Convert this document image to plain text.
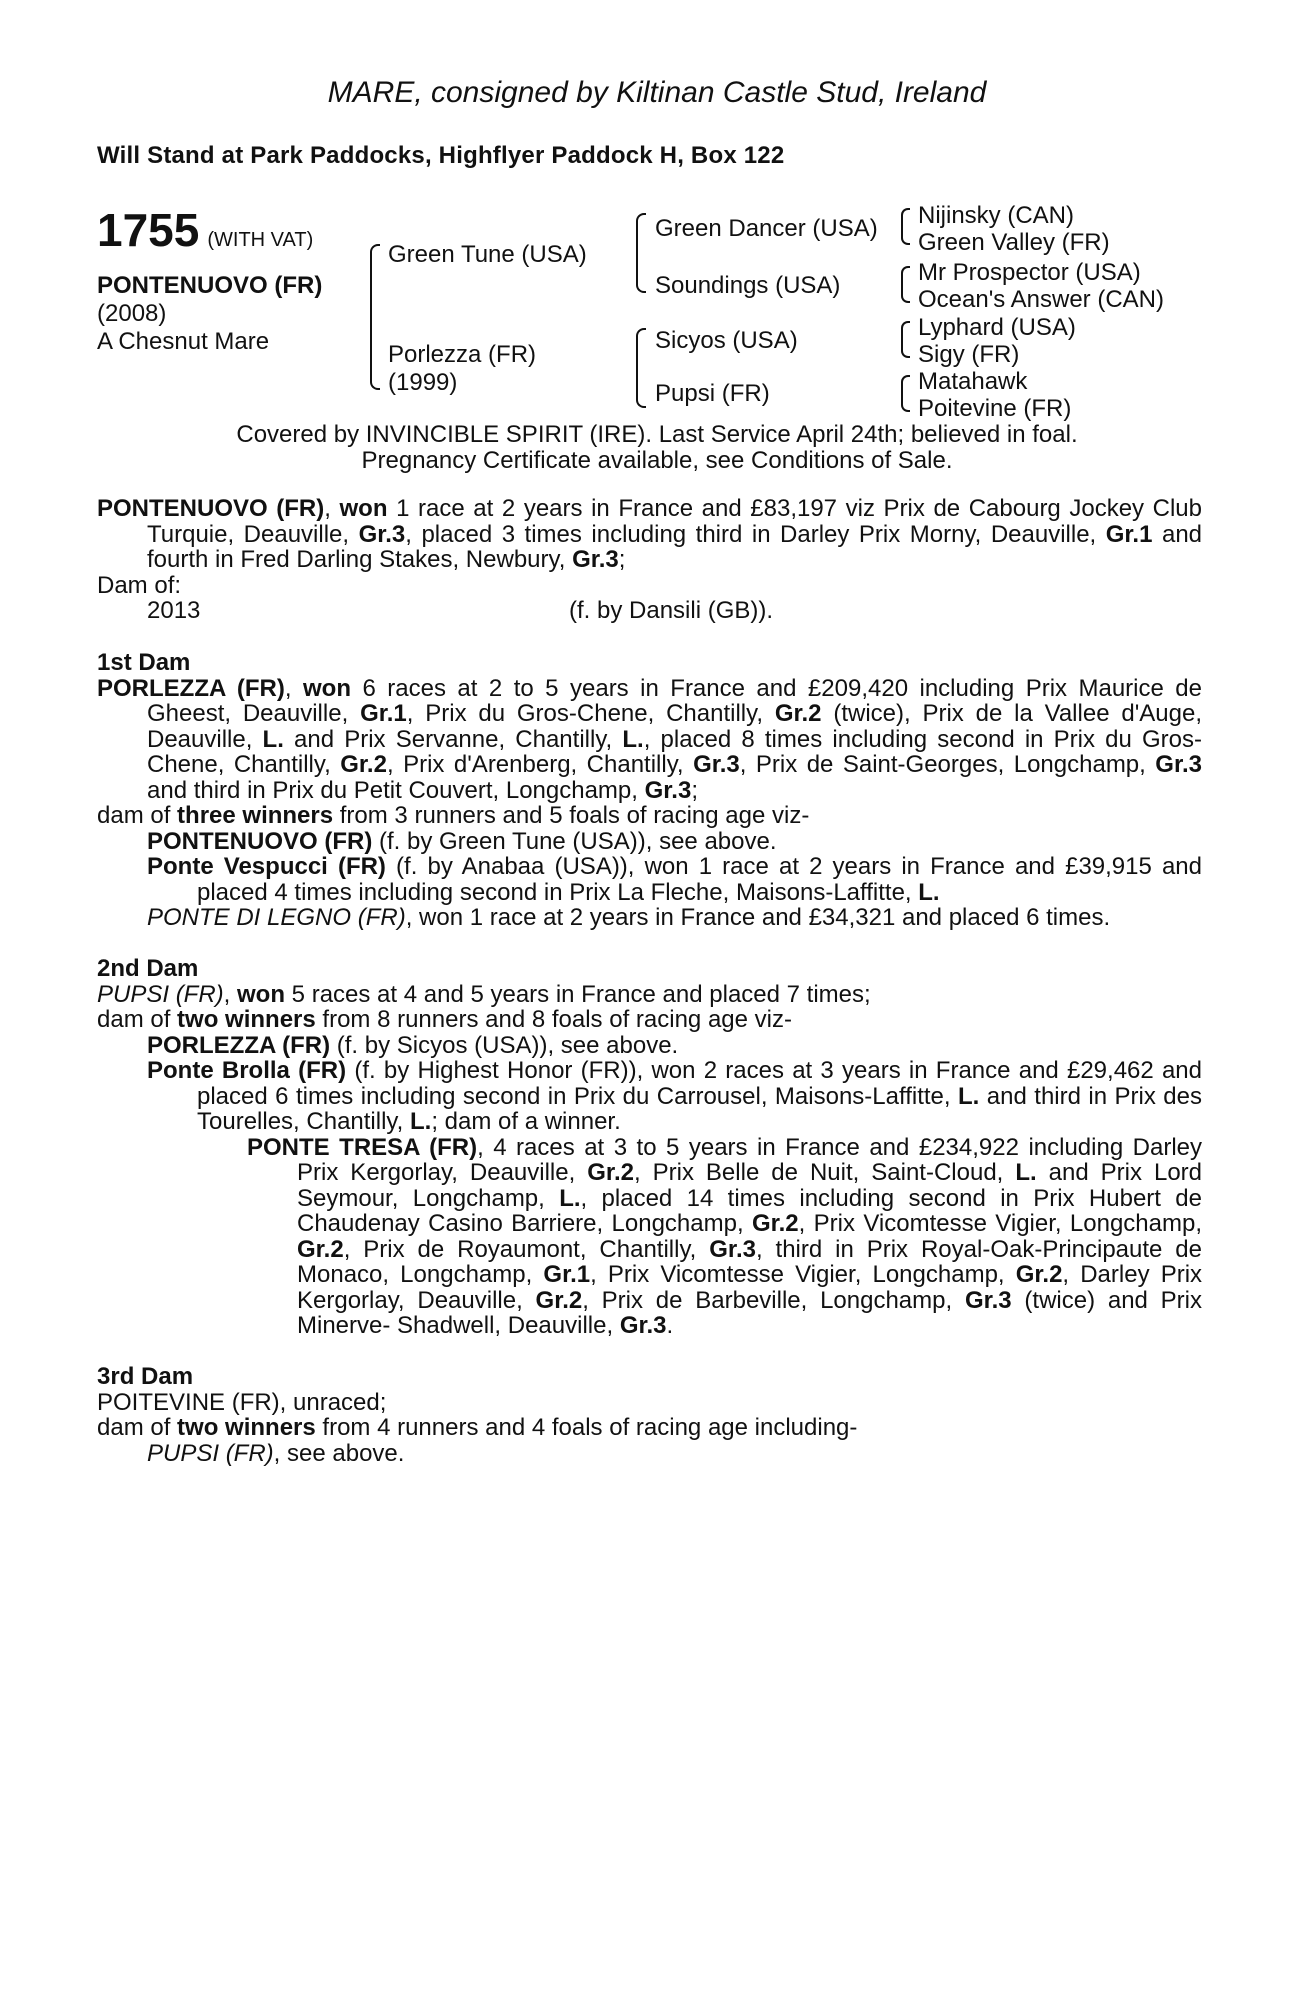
MARE, consigned by Kiltinan Castle Stud, Ireland
Will Stand at Park Paddocks, Highflyer Paddock H, Box 122
1755 (WITH VAT)
PONTENUOVO (FR)
(2008)
A Chesnut Mare
Green Tune (USA)
Porlezza (FR)
(1999)
Green Dancer (USA)
Soundings (USA)
Sicyos (USA)
Pupsi (FR)
Nijinsky (CAN)
Green Valley (FR)
Mr Prospector (USA)
Ocean's Answer (CAN)
Lyphard (USA)
Sigy (FR)
Matahawk
Poitevine (FR)
Covered by INVINCIBLE SPIRIT (IRE). Last Service April 24th; believed in foal.
Pregnancy Certificate available, see Conditions of Sale.

PONTENUOVO (FR), won 1 race at 2 years in France and £83,197 viz Prix de Cabourg Jockey Club Turquie, Deauville, Gr.3, placed 3 times including third in Darley Prix Morny, Deauville, Gr.1 and fourth in Fred Darling Stakes, Newbury, Gr.3;

Dam of:

2013	(f. by Dansili (GB)).

1st Dam

PORLEZZA (FR), won 6 races at 2 to 5 years in France and £209,420 including Prix Maurice de Gheest, Deauville, Gr.1, Prix du Gros-Chene, Chantilly, Gr.2 (twice), Prix de la Vallee d'Auge, Deauville, L. and Prix Servanne, Chantilly, L., placed 8 times including second in Prix du Gros-Chene, Chantilly, Gr.2, Prix d'Arenberg, Chantilly, Gr.3, Prix de Saint-Georges, Longchamp, Gr.3 and third in Prix du Petit Couvert, Longchamp, Gr.3;

dam of three winners from 3 runners and 5 foals of racing age viz-

PONTENUOVO (FR) (f. by Green Tune (USA)), see above.

Ponte Vespucci (FR) (f. by Anabaa (USA)), won 1 race at 2 years in France and £39,915 and placed 4 times including second in Prix La Fleche, Maisons-Laffitte, L.

PONTE DI LEGNO (FR), won 1 race at 2 years in France and £34,321 and placed 6 times.

2nd Dam

PUPSI (FR), won 5 races at 4 and 5 years in France and placed 7 times;

dam of two winners from 8 runners and 8 foals of racing age viz-

PORLEZZA (FR) (f. by Sicyos (USA)), see above.

Ponte Brolla (FR) (f. by Highest Honor (FR)), won 2 races at 3 years in France and £29,462 and placed 6 times including second in Prix du Carrousel, Maisons-Laffitte, L. and third in Prix des Tourelles, Chantilly, L.; dam of a winner.

PONTE TRESA (FR), 4 races at 3 to 5 years in France and £234,922 including Darley Prix Kergorlay, Deauville, Gr.2, Prix Belle de Nuit, Saint-Cloud, L. and Prix Lord Seymour, Longchamp, L., placed 14 times including second in Prix Hubert de Chaudenay Casino Barriere, Longchamp, Gr.2, Prix Vicomtesse Vigier, Longchamp, Gr.2, Prix de Royaumont, Chantilly, Gr.3, third in Prix Royal-Oak-Principaute de Monaco, Longchamp, Gr.1, Prix Vicomtesse Vigier, Longchamp, Gr.2, Darley Prix Kergorlay, Deauville, Gr.2, Prix de Barbeville, Longchamp, Gr.3 (twice) and Prix Minerve- Shadwell, Deauville, Gr.3.

3rd Dam

POITEVINE (FR), unraced;

dam of two winners from 4 runners and 4 foals of racing age including-

PUPSI (FR), see above.
